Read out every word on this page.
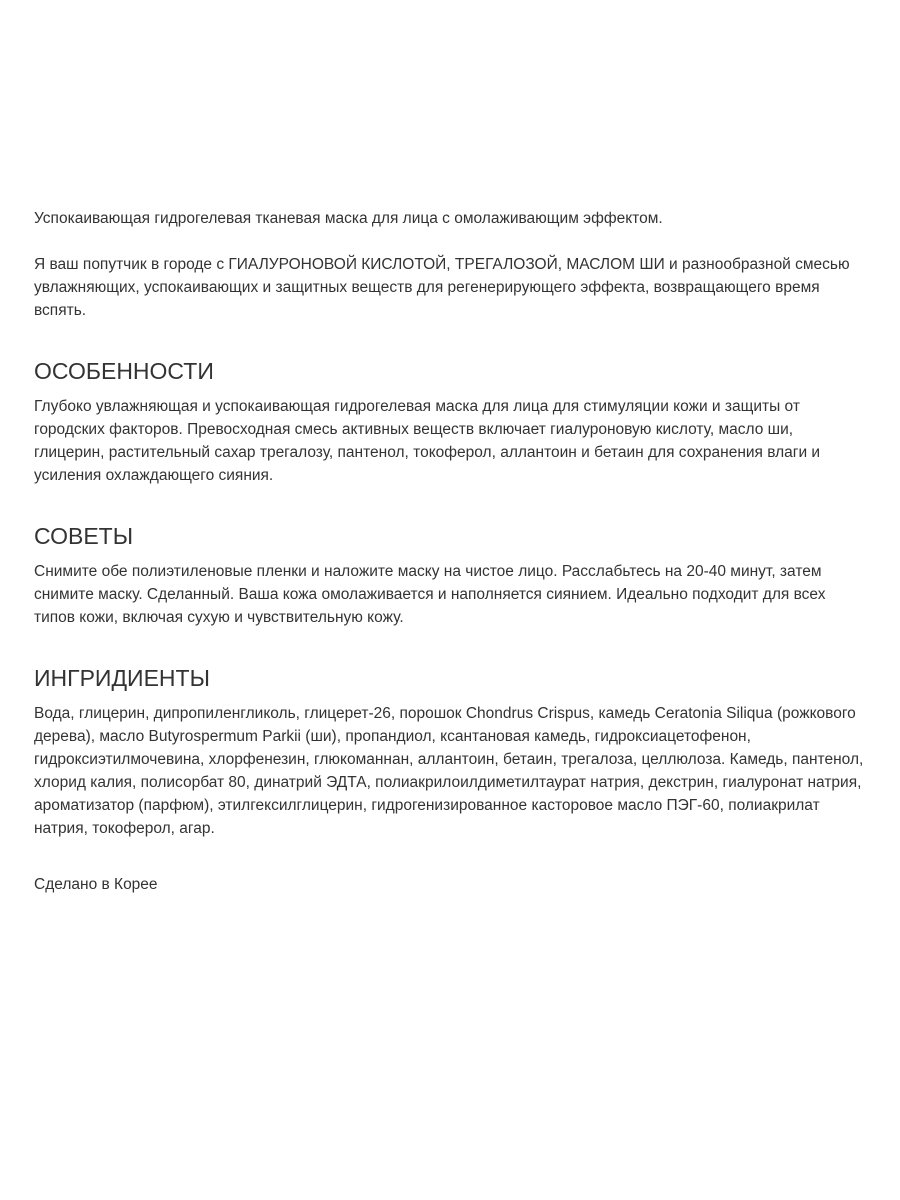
Успокаивающая гидрогелевая тканевая маска для лица с омолаживающим эффектом.

Я ваш попутчик в городе с ГИАЛУРОНОВОЙ КИСЛОТОЙ, ТРЕГАЛОЗОЙ, МАСЛОМ ШИ и разнообразной смесью
увлажняющих, успокаивающих и защитных веществ для регенерирующего эффекта, возвращающего время
вспять.

ОСОБЕННОСТИ

Глубоко увлажняющая и успокаивающая гидрогелевая маска для лица для стимуляции кожи и защиты от
городских факторов. Превосходная смесь активных веществ включает гиалуроновую кислоту, масло ши,
глицерин, растительный сахар трегалозу, пантенол, токоферол, аллантоин и бетаин для сохранения влаги и
усиления охлаждающего сияния.

СОВЕТЫ

Снимите обе полиэтиленовые пленки и наложите маску на чистое лицо. Расслабьтесь на 20-40 минут, затем
снимите маску. Сделанный. Ваша кожа омолаживается и наполняется сиянием. Идеально подходит для всех
типов кожи, включая сухую и чувствительную кожу.

ИНГРИДИЕНТЫ

Вода, глицерин, дипропиленгликоль, глицерет-26, порошок Chondrus Crispus, камедь Ceratonia Siliqua (рожкового
дерева), масло Butyrospermum Parkii (ши), пропандиол, ксантановая камедь, гидроксиацетофенон,
гидроксиэтилмочевина, хлорфенезин, глюкоманнан, аллантоин, бетаин, трегалоза, целлюлоза. Камедь, пантенол,
хлорид калия, полисорбат 80, динатрий ЭДТА, полиакрилоилдиметилтаурат натрия, декстрин, гиалуронат натрия,
ароматизатор (парфюм), этилгексилглицерин, гидрогенизированное касторовое масло ПЭГ-60, полиакрилат
натрия, токоферол, агар.

Сделано в Корее
